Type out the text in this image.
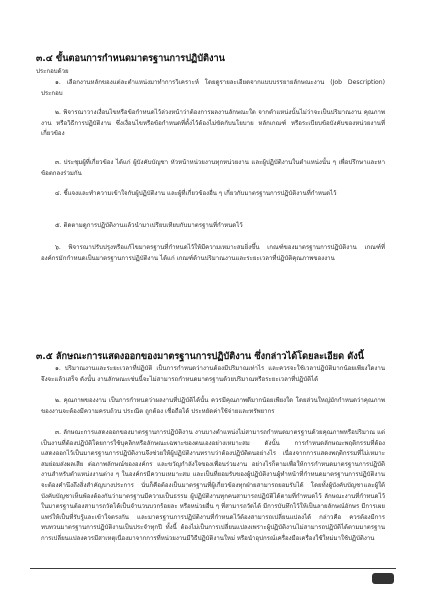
๓.๔ ขั้นตอนการกำหนดมาตรฐานการปฏิบัติงาน
ประกอบด้วย
๑. เลือกงานหลักของแต่ละตำแหน่งมาทำการวิเคราะห์ โดยดูรายละเอียดจากแบบบรรยายลักษณะงาน (Job Description) ประกอบ
๒. พิจารณาวางเงื่อนไขหรือข้อกำหนดไว้ล่วงหน้าว่าต้องการผลงานลักษณะใด จากตำแหน่งนั้นไม่ว่าจะเป็นปริมาณงาน คุณภาพงาน หรือวิธีการปฏิบัติงาน ซึ่งเงื่อนไขหรือข้อกำหนดที่ตั้งไว้ต้องไม่ขัดกับนโยบาย หลักเกณฑ์ หรือระเบียบข้อบังคับของหน่วยงานที่เกี่ยวข้อง
๓. ประชุมผู้ที่เกี่ยวข้อง ได้แก่ ผู้บังคับบัญชา หัวหน้าหน่วยงานทุกหน่วยงาน และผู้ปฏิบัติงานในตำแหน่งนั้น ๆ เพื่อปรึกษาและหาข้อตกลงร่วมกัน
๔. ชี้แจงและทำความเข้าใจกับผู้ปฏิบัติงาน และผู้ที่เกี่ยวข้องอื่น ๆ เกี่ยวกับมาตรฐานการปฏิบัติงานที่กำหนดไว้
๕. ติดตามดูการปฏิบัติงานแล้วนำมาเปรียบเทียบกับมาตรฐานที่กำหนดไว้
๖. พิจารณาปรับปรุงหรือแก้ไขมาตรฐานที่กำหนดไว้ให้มีความเหมาะสมยิ่งขึ้น เกณฑ์ของมาตรฐานการปฏิบัติงาน เกณฑ์ที่องค์กรมักกำหนดเป็นมาตรฐานการปฏิบัติงาน ได้แก่ เกณฑ์ด้านปริมาณงานและระยะเวลาที่ปฏิบัติคุณภาพของงาน
๓.๕ ลักษณะการแสดงออกของมาตรฐานการปฏิบัติงาน ซึ่งกล่าวได้โดยละเอียด ดังนี้
๑. ปริมาณงานและระยะเวลาที่ปฏิบัติ เป็นการกำหนดว่างานต้องมีปริมาณเท่าไร และควรจะใช้เวลาปฏิบัติมากน้อยเพียงใดงานจึงจะแล้วเสร็จ ดังนั้น งานลักษณะเช่นนี้จะไม่สามารถกำหนดมาตรฐานด้วยปริมาณหรือระยะเวลาที่ปฏิบัติได้
๒. คุณภาพของงาน เป็นการกำหนดว่าผลงานที่ปฏิบัติได้นั้น ควรมีคุณภาพดีมากน้อยเพียงใด โดยส่วนใหญ่มักกำหนดว่าคุณภาพของงานจะต้องมีความครบถ้วน ประณีต ถูกต้อง เชื่อถือได้ ประหยัดค่าใช้จ่ายและทรัพยากร
๓. ลักษณะการแสดงออกของมาตรฐานการปฏิบัติงาน งานบางตำแหน่งไม่สามารถกำหนดมาตรฐานด้วยคุณภาพหรือปริมาณ แต่เป็นงานที่ต้องปฏิบัติโดยการใช้บุคลิกหรือลักษณะเฉพาะของตนเองอย่างเหมาะสม ดังนั้น การกำหนดลักษณะพฤติกรรมที่ต้องแสดงออกไว้เป็นมาตรฐานการปฏิบัติงานจึงช่วยให้ผู้ปฏิบัติงานทราบว่าต้องปฏิบัติตนอย่างไร เนื่องจากการแสดงพฤติกรรมที่ไม่เหมาะสมย่อมส่งผลเสีย ต่อภาพลักษณ์ขององค์กร และขวัญกำลังใจของเพื่อนร่วมงาน อย่างไรก็ตามเพื่อให้การกำหนดมาตรฐานการปฏิบัติงานสำหรับตำแหน่งงานต่าง ๆ ในองค์กรมีความเหมาะสม และเป็นที่ยอมรับของผู้ปฏิบัติงานผู้ทำหน้าที่กำหนดมาตรฐานการปฏิบัติงานจะต้องคำนึงถึงสิ่งสำคัญบางประการ นั่นก็คือต้องเป็นมาตรฐานที่ผู้เกี่ยวข้องทุกฝ่ายสามารถยอมรับได้ โดยทั้งผู้บังคับบัญชาและผู้ใต้บังคับบัญชาเห็นพ้องต้องกันว่ามาตรฐานมีความเป็นธรรม ผู้ปฏิบัติงานทุกคนสามารถปฏิบัติได้ตามที่กำหนดไว้ ลักษณะงานที่กำหนดไว้ในมาตรฐานต้องสามารถวัดได้เป็นจำนวนบวกร้อยละ หรือหน่วยอื่น ๆ ที่สามารถวัดได้ มีการบันทึกไว้ให้เป็นลายลักษณ์อักษร มีการเผยแพร่ให้เป็นที่รับรู้และเข้าใจตรงกัน และมาตรฐานการปฏิบัติงานที่กำหนดไว้ต้องสามารถเปลี่ยนแปลงได้ กล่าวคือ ควรต้องมีการทบทวนมาตรฐานการปฏิบัติงานเป็นประจำทุกปี ทั้งนี้ ต้องไม่เป็นการเปลี่ยนแปลงเพราะผู้ปฏิบัติงานไม่สามารถปฏิบัติได้ตามมาตรฐาน การเปลี่ยนแปลงควรมีสาเหตุเนื่องมาจากการที่หน่วยงานมีวิธีปฏิบัติงานใหม่ หรือนำอุปกรณ์เครื่องมือเครื่องใช้ใหม่มาใช้ปฏิบัติงาน
